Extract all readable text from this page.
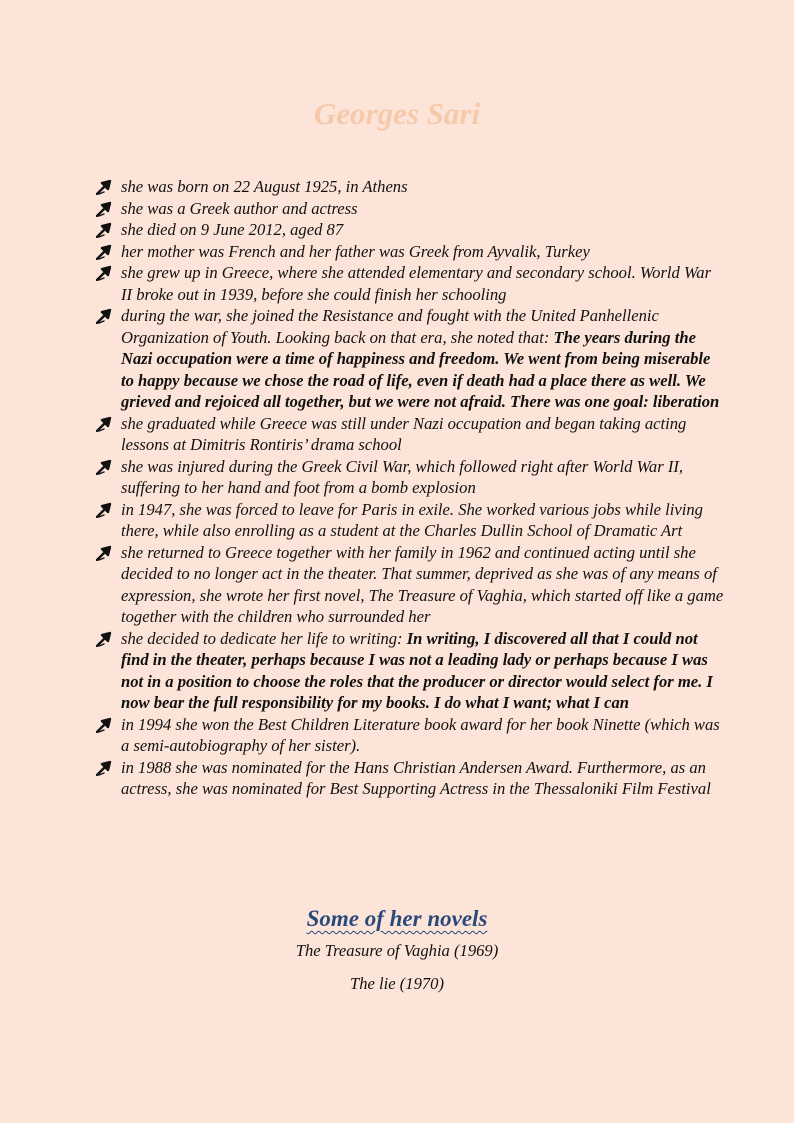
Georges Sari
she was born on 22 August 1925, in Athens
she was a Greek author and actress
she died on 9 June 2012, aged 87
her mother was French and her father was Greek from Ayvalik, Turkey
she grew up in Greece, where she attended elementary and secondary school. World War II broke out in 1939, before she could finish her schooling
during the war, she joined the Resistance and fought with the United Panhellenic Organization of Youth. Looking back on that era, she noted that: The years during the Nazi occupation were a time of happiness and freedom. We went from being miserable to happy because we chose the road of life, even if death had a place there as well. We grieved and rejoiced all together, but we were not afraid. There was one goal: liberation
she graduated while Greece was still under Nazi occupation and began taking acting lessons at Dimitris Rontiris’ drama school
she was injured during the Greek Civil War, which followed right after World War II, suffering to her hand and foot from a bomb explosion
in 1947, she was forced to leave for Paris in exile. She worked various jobs while living there, while also enrolling as a student at the Charles Dullin School of Dramatic Art
she returned to Greece together with her family in 1962 and continued acting until she decided to no longer act in the theater. That summer, deprived as she was of any means of expression, she wrote her first novel, The Treasure of Vaghia, which started off like a game together with the children who surrounded her
she decided to dedicate her life to writing: In writing, I discovered all that I could not find in the theater, perhaps because I was not a leading lady or perhaps because I was not in a position to choose the roles that the producer or director would select for me. I now bear the full responsibility for my books. I do what I want; what I can
in 1994 she won the Best Children Literature book award for her book Ninette (which was a semi-autobiography of her sister).
in 1988 she was nominated for the Hans Christian Andersen Award. Furthermore, as an actress, she was nominated for Best Supporting Actress in the Thessaloniki Film Festival
Some of her novels

The Treasure of Vaghia (1969)

The lie (1970)
